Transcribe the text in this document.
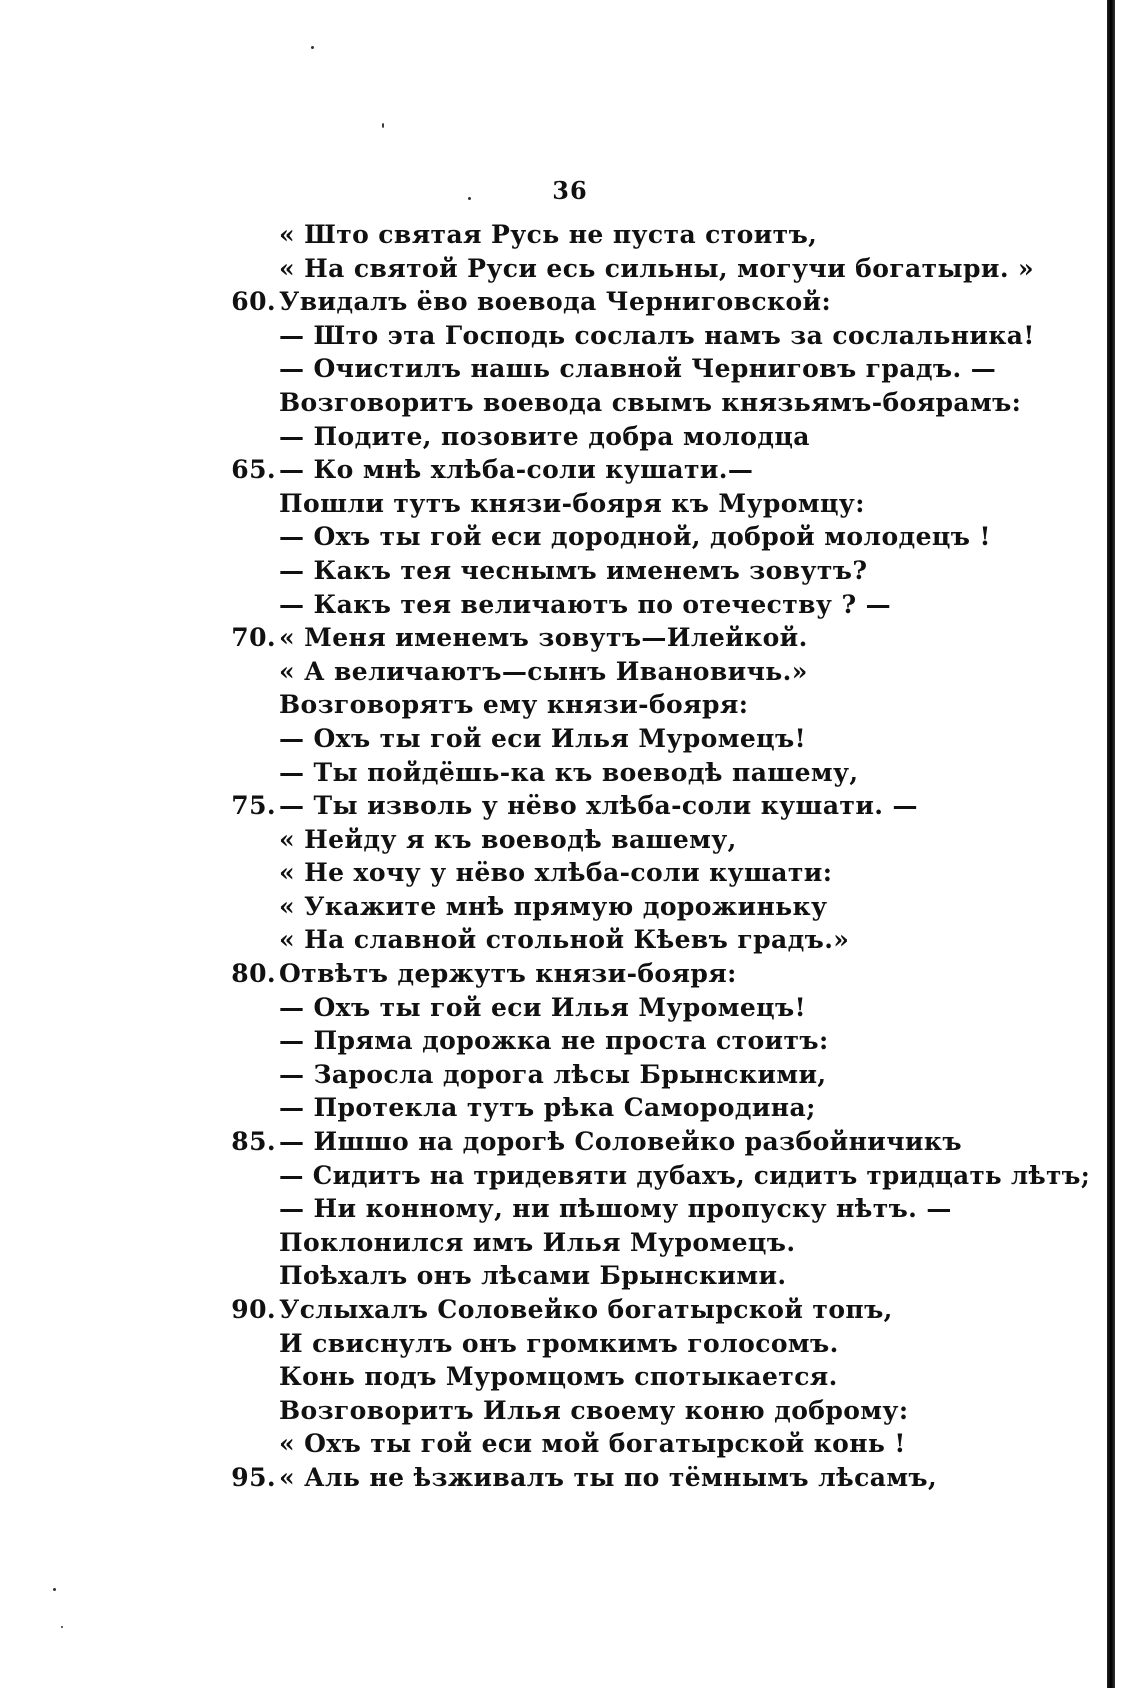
36
« Што святая Русь не пуста стоитъ,
« На святой Руси есь сильны, могучи богатыри. »
60. Увидалъ ёво воевода Черниговской:
— Што эта Господь сослалъ намъ за сослальника!
— Очистилъ нашь славной Черниговъ градъ. —
Возговоритъ воевода свымъ князьямъ-боярамъ:
— Подите, позовите добра молодца
65. — Ко мнѣ хлѣба-соли кушати.—
Пошли тутъ князи-бояря къ Муромцу:
— Охъ ты гой еси дородной, доброй молодецъ !
— Какъ тея чеснымъ именемъ зовутъ?
— Какъ тея величаютъ по отечеству ? —
70. « Меня именемъ зовутъ—Илейкой.
« А величаютъ—сынъ Ивановичь.»
Возговорятъ ему князи-бояря:
— Охъ ты гой еси Илья Муромецъ!
— Ты пойдёшь-ка къ воеводѣ пашему,
75. — Ты изволь у нёво хлѣба-соли кушати. —
« Нейду я къ воеводѣ вашему,
« Не хочу у нёво хлѣба-соли кушати:
« Укажите мнѣ прямую дорожиньку
« На славной стольной Кѣевъ градъ.»
80. Отвѣтъ держутъ князи-бояря:
— Охъ ты гой еси Илья Муромецъ!
— Пряма дорожка не проста стоитъ:
— Заросла дорога лѣсы Брынскими,
— Протекла тутъ рѣка Самородина;
85. — Ишшо на дорогѣ Соловейко разбойничикъ
— Сидитъ на тридевяти дубахъ, сидитъ тридцать лѣтъ;
— Ни конному, ни пѣшому пропуску нѣтъ. —
Поклонился имъ Илья Муромецъ.
Поѣхалъ онъ лѣсами Брынскими.
90. Услыхалъ Соловейко богатырской топъ,
И свиснулъ онъ громкимъ голосомъ.
Конь подъ Муромцомъ спотыкается.
Возговоритъ Илья своему коню доброму:
« Охъ ты гой еси мой богатырской конь !
95. « Аль не ѣзживалъ ты по тёмнымъ лѣсамъ,
